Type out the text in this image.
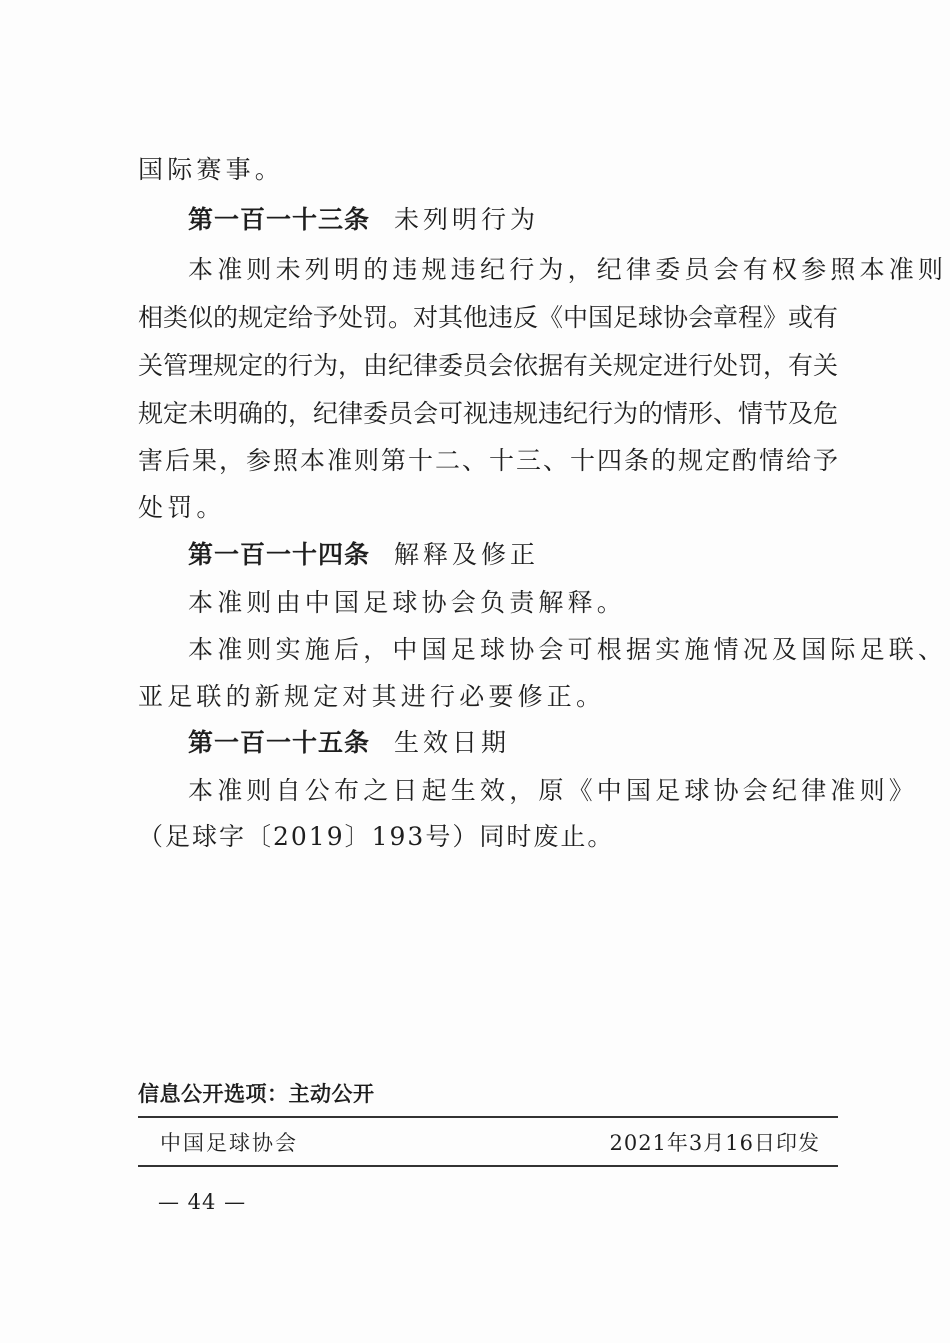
国际赛事。
第一百一十三条 未列明行为
本准则未列明的违规违纪行为，纪律委员会有权参照本准则
相类似的规定给予处罚。对其他违反《中国足球协会章程》或有
关管理规定的行为，由纪律委员会依据有关规定进行处罚，有关
规定未明确的，纪律委员会可视违规违纪行为的情形、情节及危
害后果，参照本准则第十二、十三、十四条的规定酌情给予
处罚。
第一百一十四条 解释及修正
本准则由中国足球协会负责解释。
本准则实施后，中国足球协会可根据实施情况及国际足联、
亚足联的新规定对其进行必要修正。
第一百一十五条 生效日期
本准则自公布之日起生效，原《中国足球协会纪律准则》
（足球字〔2019〕193号）同时废止。
信息公开选项：主动公开
中国足球协会	2021年3月16日印发
— 44 —
